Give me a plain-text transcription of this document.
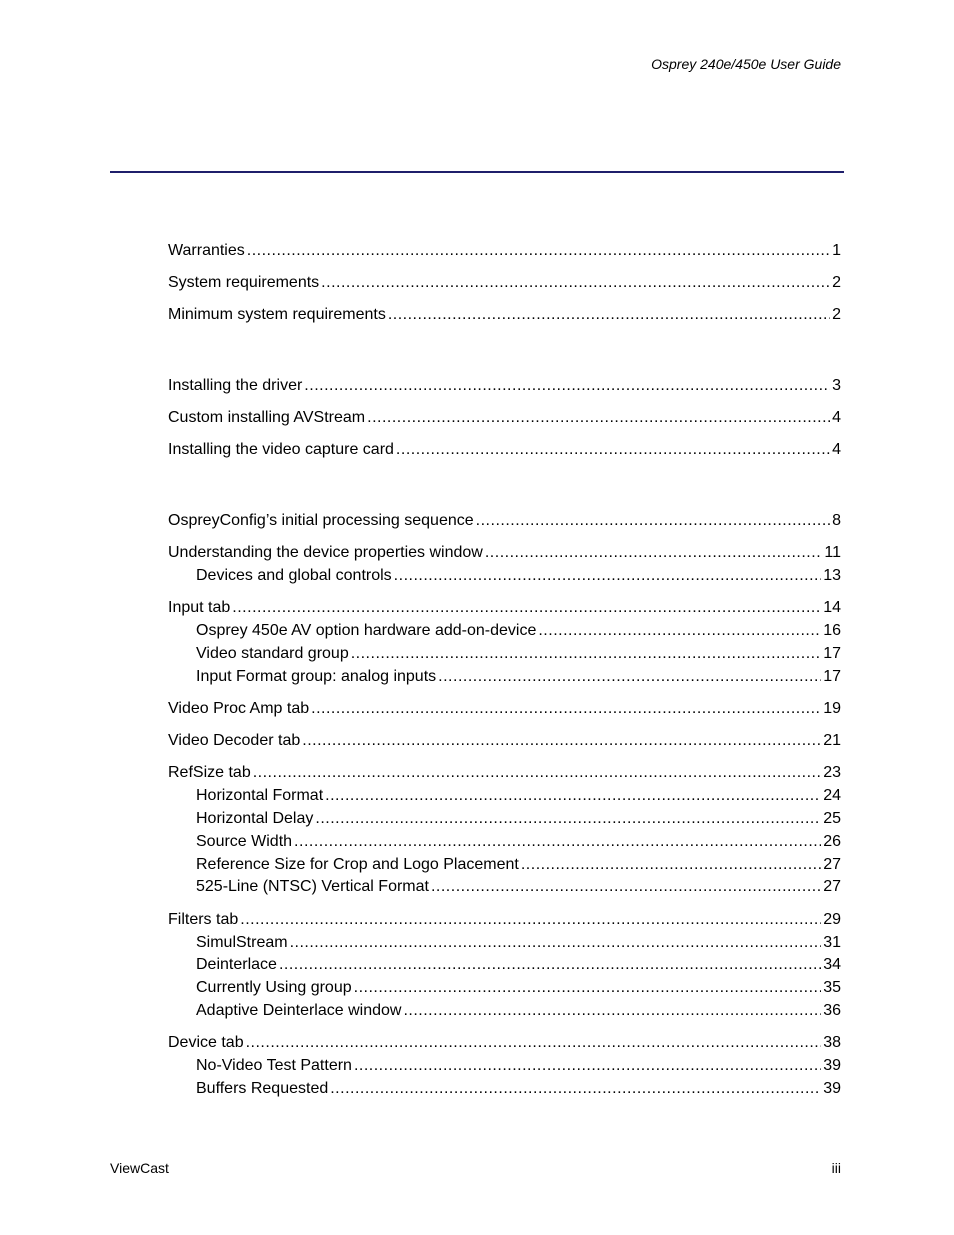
Osprey 240e/450e User Guide
Warranties .....	1
System requirements .....	2
Minimum system requirements .....	2
Installing the driver .....	3
Custom installing AVStream .....	4
Installing the video capture card .....	4
OspreyConfig’s initial processing sequence .....	8
Understanding the device properties window .....	11
Devices and global controls .....	13
Input tab .....	14
Osprey 450e AV option hardware add-on-device .....	16
Video standard group .....	17
Input Format group: analog inputs .....	17
Video Proc Amp tab .....	19
Video Decoder tab .....	21
RefSize tab .....	23
Horizontal Format .....	24
Horizontal Delay .....	25
Source Width .....	26
Reference Size for Crop and Logo Placement .....	27
525-Line (NTSC) Vertical Format .....	27
Filters tab .....	29
SimulStream .....	31
Deinterlace .....	34
Currently Using group .....	35
Adaptive Deinterlace window .....	36
Device tab .....	38
No-Video Test Pattern .....	39
Buffers Requested .....	39
ViewCast	iii
